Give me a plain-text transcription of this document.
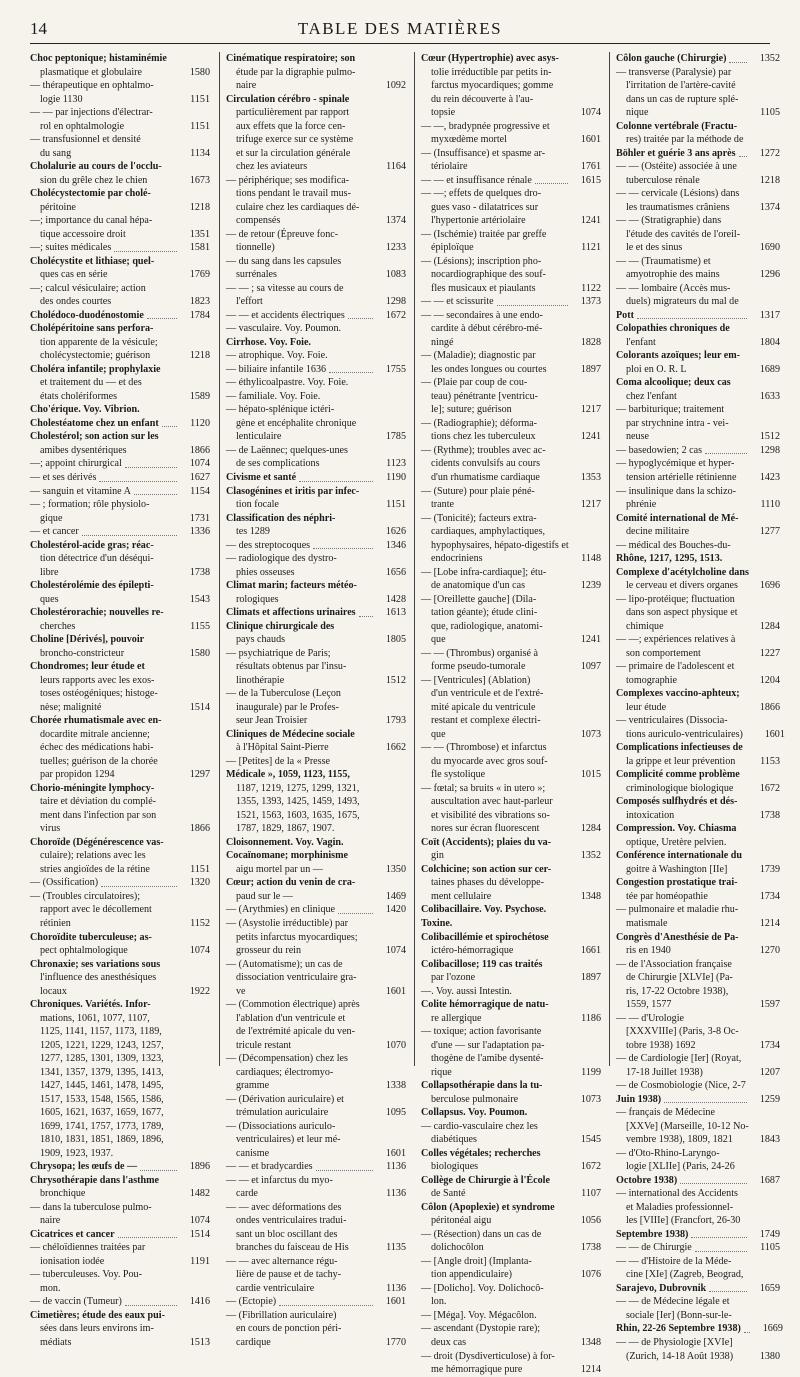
14	TABLE DES MATIÈRES
Choc peptonique; histaminémie
plasmatique et globulaire	1580
— thérapeutique en ophtalmo-
logie 1130	1151
— — par injections d'électrar-
rol en ophtalmologie	1151
— transfusionnel et densité
du sang	1134
Cholalurie au cours de l'occlu-
sion du grêle chez le chien	1673
Cholécystectomie par cholé-
péritoine	1218
—; importance du canal hépa-
tique accessoire droit	1351
—; suites médicales	1581
Cholécystite et lithiase; quel-
ques cas en série	1769
—; calcul vésiculaire; action
des ondes courtes	1823
Cholédoco-duodénostomie	1784
Cholépéritoine sans perfora-
tion apparente de la vésicule;
cholécystectomie; guérison	1218
Choléra infantile; prophylaxie
et traitement du — et des
états cholériformes	1589
Cho'érique. Voy. Vibrion.
Cholestéatome chez un enfant	1120
Cholestérol; son action sur les
amibes dysentériques	1866
—; appoint chirurgical	1074
— et ses dérivés	1627
— sanguin et vitamine A	1154
— ; formation; rôle physiolo-
gique	1731
— et cancer	1336
Cholestérol-acide gras; réac-
tion détectrice d'un déséqui-
libre	1738
Cholestérolémie des épilepti-
ques	1543
Cholestérorachie; nouvelles re-
cherches	1155
Choline [Dérivés], pouvoir
broncho-constricteur	1580
Chondromes; leur étude et
leurs rapports avec les exos-
toses ostéogéniques; histoge-
nèse; malignité	1514
Chorée rhumatismale avec en-
docardite mitrale ancienne;
échec des médications habi-
tuelles; guérison de la chorée
par propidon 1294	1297
Chorio-méningite lymphocy-
taire et déviation du complé-
ment dans l'infection par son
virus	1866
Choroïde (Dégénérescence vas-
culaire); relations avec les
stries angioïdes de la rétine	1151
— (Ossification)	1320
— (Troubles circulatoires);
rapport avec le décollement
rétinien	1152
Choroïdite tuberculeuse; as-
pect ophtalmologique	1074
Chronaxie; ses variations sous
l'influence des anesthésiques
locaux	1922
Chroniques. Variétés. Infor-
mations, 1061, 1077, 1107,
1125, 1141, 1157, 1173, 1189,
1205, 1221, 1229, 1243, 1257,
1277, 1285, 1301, 1309, 1323,
1341, 1357, 1379, 1395, 1413,
1427, 1445, 1461, 1478, 1495,
1517, 1533, 1548, 1565, 1586,
1605, 1621, 1637, 1659, 1677,
1699, 1741, 1757, 1773, 1789,
1810, 1831, 1851, 1869, 1896,
1909, 1923, 1937.
Chrysopa; les œufs de —	1896
Chrysothérapie dans l'asthme
bronchique	1482
— dans la tuberculose pulmo-
naire	1074
Cicatrices et cancer	1514
— chéloïdiennes traitées par
ionisation iodée	1191
— tuberculeuses. Voy. Pou-
mon.
— de vaccin (Tumeur)	1416
Cimetières; étude des eaux pui-
sées dans leurs environs im-
médiats	1513
Cinématique respiratoire; son
étude par la digraphie pulmo-
naire	1092
Circulation cérébro - spinale
particulièrement par rapport
aux effets que la force cen-
trifuge exerce sur ce système
et sur la circulation générale
chez les aviateurs	1164
— périphérique; ses modifica-
tions pendant le travail mus-
culaire chez les cardiaques dé-
compensés	1374
— de retour (Épreuve fonc-
tionnelle)	1233
— du sang dans les capsules
surrénales	1083
— — ; sa vitesse au cours de
l'effort	1298
— — et accidents électriques	1672
— vasculaire. Voy. Poumon.
Cirrhose. Voy. Foie.
— atrophique. Voy. Foie.
— biliaire infantile 1636	1755
— éthylicoalpastre. Voy. Foie.
— familiale. Voy. Foie.
— hépato-splénique ictéri-
gène et encéphalite chronique
lenticulaire	1785
— de Laënnec; quelques-unes
de ses complications	1123
Civisme et santé	1190
Clasogénines et iritis par infec-
tion focale	1151
Classification des néphri-
tes 1289	1626
— des streptocoques	1346
— radiologique des dystro-
phies osseuses	1656
Climat marin; facteurs météo-
rologiques	1428
Climats et affections urinaires	1613
Clinique chirurgicale des
pays chauds	1805
— psychiatrique de Paris;
résultats obtenus par l'insu-
linothérapie	1512
— de la Tuberculose (Leçon
inaugurale) par le Profes-
seur Jean Troisier	1793
Cliniques de Médecine sociale
à l'Hôpital Saint-Pierre	1662
— [Petites] de la « Presse
Médicale », 1059, 1123, 1155,
1187, 1219, 1275, 1299, 1321,
1355, 1393, 1425, 1459, 1493,
1521, 1563, 1603, 1635, 1675,
1787, 1829, 1867, 1907.
Cloisonnement. Voy. Vagin.
Cocaïnomane; morphinisme
aigu mortel par un —	1350
Cœur; action du venin de cra-
paud sur le —	1469
— (Arythmies) en clinique	1420
— (Asystolie irréductible) par
petits infarctus myocardiques;
grosseur du rein	1074
— (Automatisme); un cas de
dissociation ventriculaire gra-
ve	1601
— (Commotion électrique) après
l'ablation d'un ventricule et
de l'extrémité apicale du ven-
tricule restant	1070
— (Décompensation) chez les
cardiaques; électromyo-
gramme	1338
— (Dérivation auriculaire) et
trémulation auriculaire	1095
— (Dissociations auriculo-
ventriculaires) et leur mé-
canisme	1601
— — et bradycardies	1136
— — et infarctus du myo-
carde	1136
— — avec déformations des
ondes ventriculaires tradui-
sant un bloc oscillant des
branches du faisceau de His	1135
— — avec alternance régu-
lière de pause et de tachy-
cardie ventriculaire	1136
— (Ectopie)	1601
— (Fibrillation auriculaire)
en cours de ponction péri-
cardique	1770
Cœur (Hypertrophie) avec asys-
tolie irréductible par petits in-
farctus myocardiques; gomme
du rein découverte à l'au-
topsie	1074
— —, bradypnée progressive et
myxœdème mortel	1601
— (Insuffisance) et spasme ar-
tériolaire	1761
— — et insuffisance rénale	1615
— —; effets de quelques dro-
gues vaso - dilatatrices sur
l'hypertonie artériolaire	1241
— (Ischémie) traitée par greffe
épiploïque	1121
— (Lésions); inscription pho-
nocardiographique des souf-
fles musicaux et piaulants	1122
— — et scissurite	1373
— — secondaires à une endo-
cardite à début cérébro-mé-
ningé	1828
— (Maladie); diagnostic par
les ondes longues ou courtes	1897
— (Plaie par coup de cou-
teau) pénétrante [ventricu-
le]; suture; guérison	1217
— (Radiographie); déforma-
tions chez les tuberculeux	1241
— (Rythme); troubles avec ac-
cidents convulsifs au cours
d'un rhumatisme cardiaque	1353
— (Suture) pour plaie péné-
trante	1217
— (Tonicité); facteurs extra-
cardiaques, amphylactiques,
hypophysaires, hépato-digestifs et
endocriniens	1148
— [Lobe infra-cardiaque]; étu-
de anatomique d'un cas	1239
— [Oreillette gauche] (Dila-
tation géante); étude clini-
que, radiologique, anatomi-
que	1241
— — (Thrombus) organisé à
forme pseudo-tumorale	1097
— [Ventricules] (Ablation)
d'un ventricule et de l'extré-
mité apicale du ventricule
restant et complexe électri-
que	1073
— — (Thrombose) et infarctus
du myocarde avec gros souf-
fle systolique	1015
— fœtal; sa bruits « in utero »;
auscultation avec haut-parleur
et visibilité des vibrations so-
nores sur écran fluorescent	1284
Coït (Accidents); plaies du va-
gin	1352
Colchicine; son action sur cer-
taines phases du développe-
ment cellulaire	1348
Colibacillaire. Voy. Psychose.
Toxine.
Colibacillémie et spirochétose
ictéro-hémorragique	1661
Colibacillose; 119 cas traités
par l'ozone	1897
—. Voy. aussi Intestin.
Colite hémorragique de natu-
re allergique	1186
— toxique; action favorisante
d'une — sur l'adaptation pa-
thogène de l'amibe dysenté-
rique	1199
Collapsothérapie dans la tu-
berculose pulmonaire	1073
Collapsus. Voy. Poumon.
— cardio-vasculaire chez les
diabétiques	1545
Colles végétales; recherches
biologiques	1672
Collège de Chirurgie à l'École
de Santé	1107
Côlon (Apoplexie) et syndrome
péritonéal aigu	1056
— (Résection) dans un cas de
dolichocôlon	1738
— [Angle droit] (Implanta-
tion appendiculaire)	1076
— [Dolicho]. Voy. Dolichocô-
lon.
— [Méga]. Voy. Mégacôlon.
— ascendant (Dystopie rare);
deux cas	1348
— droit (Dysdiverticulose) à for-
me hémorragique pure	1214
Côlon gauche (Chirurgie)	1352
— transverse (Paralysie) par
l'irritation de l'artère-cavité
dans un cas de rupture splé-
nique	1105
Colonne vertébrale (Fractu-
res) traitée par la méthode de
Böhler et guérie 3 ans après	1272
— — (Ostéite) associée à une
tuberculose rénale	1218
— — cervicale (Lésions) dans
les traumatismes crâniens	1374
— — (Stratigraphie) dans
l'étude des cavités de l'oreil-
le et des sinus	1690
— — (Traumatisme) et
amyotrophie des mains	1296
— — lombaire (Accès mus-
duels) migrateurs du mal de
Pott	1317
Colopathies chroniques de
l'enfant	1804
Colorants azoïques; leur em-
ploi en O. R. L	1689
Coma alcoolique; deux cas
chez l'enfant	1633
— barbiturique; traitement
par strychnine intra - vei-
neuse	1512
— basedowien; 2 cas	1298
— hypoglycémique et hyper-
tension artérielle rétinienne	1423
— insulinique dans la schizo-
phrénie	1110
Comité international de Mé-
decine militaire	1277
— médical des Bouches-du-
Rhône, 1217, 1295, 1513.
Complexe d'acétylcholine dans
le cerveau et divers organes	1696
— lipo-protéique; fluctuation
dans son aspect physique et
chimique	1284
— —; expériences relatives à
son comportement	1227
— primaire de l'adolescent et
tomographie	1204
Complexes vaccino-aphteux;
leur étude	1866
— ventriculaires (Dissocia-
tions auriculo-ventriculaires)	1601
Complications infectieuses de
la grippe et leur prévention	1153
Complicité comme problème
criminologique biologique	1672
Composés sulfhydrés et dés-
intoxication	1738
Compression. Voy. Chiasma
optique, Uretère pelvien.
Conférence internationale du
goitre à Washington [IIe]	1739
Congestion prostatique trai-
tée par homéopathie	1734
— pulmonaire et maladie rhu-
matismale	1214
Congrès d'Anesthésie de Pa-
ris en 1940	1270
— de l'Association française
de Chirurgie [XLVIe] (Pa-
ris, 17-22 Octobre 1938),
1559, 1577	1597
— — d'Urologie
[XXXVIIIe] (Paris, 3-8 Oc-
tobre 1938) 1692	1734
— de Cardiologie [Ier] (Royat,
17-18 Juillet 1938)	1207
— de Cosmobiologie (Nice, 2-7
Juin 1938)	1259
— français de Médecine
[XXVe] (Marseille, 10-12 No-
vembre 1938), 1809, 1821	1843
— d'Oto-Rhino-Laryngo-
logie [XLIIe] (Paris, 24-26
Octobre 1938)	1687
— international des Accidents
et Maladies professionnel-
les [VIIIe] (Francfort, 26-30
Septembre 1938)	1749
— — de Chirurgie	1105
— — d'Histoire de la Méde-
cine [XIe] (Zagreb, Beograd,
Sarajevo, Dubrovnik	1659
— — de Médecine légale et
sociale [Ier] (Bonn-sur-le-
Rhin, 22-26 Septembre 1938)	1669
— — de Physiologie [XVIe]
(Zurich, 14-18 Août 1938)	1380
